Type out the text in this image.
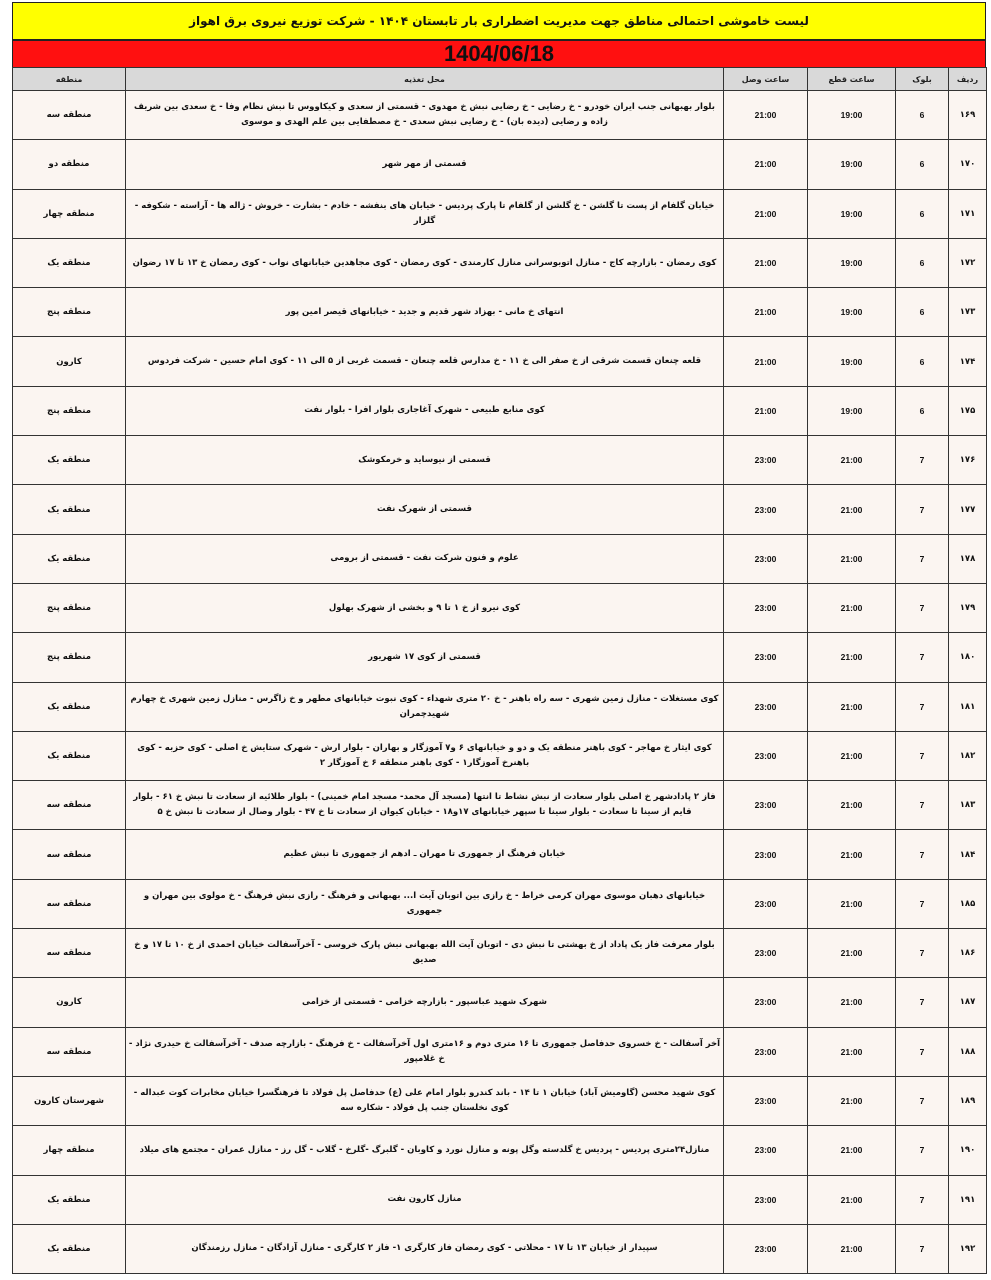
لیست خاموشی احتمالی مناطق جهت مدیریت اضطراری بار تابستان ۱۴۰۴ - شرکت توزیع نیروی برق اهواز
1404/06/18
ردیف	بلوک	ساعت قطع	ساعت وصل	محل تغذیه	منطقه
۱۶۹	6	19:00	21:00	بلوار بهبهانی جنب ایران خودرو - خ رضایی - خ رضایی نبش خ مهدوی - قسمتی از سعدی و کیکاووس تا نبش نظام وفا - خ سعدی بین شریف زاده و رضایی (دیده بان) - خ رضایی نبش سعدی - خ مصطفایی بین علم الهدی و موسوی	منطقه سه
۱۷۰	6	19:00	21:00	قسمتی از مهر شهر	منطقه دو
۱۷۱	6	19:00	21:00	خیابان گلفام از پست تا گلشن - خ گلشن از گلفام تا پارک پردیس - خیابان های بنفشه - خادم - بشارت - خروش - ژاله ها - آراسته - شکوفه - گلزار	منطقه چهار
۱۷۲	6	19:00	21:00	کوی رمضان - بازارچه کاج - منازل اتوبوسرانی منازل کارمندی - کوی رمضان - کوی مجاهدین خیابانهای نواب - کوی رمضان خ ۱۳ تا ۱۷ رضوان	منطقه یک
۱۷۳	6	19:00	21:00	انتهای خ مانی - بهزاد شهر قدیم و جدید - خیابانهای قیصر امین پور	منطقه پنج
۱۷۴	6	19:00	21:00	قلعه چنعان قسمت شرقی از خ صفر الی خ ۱۱ - خ مدارس قلعه چنعان - قسمت غربی از ۵ الی ۱۱ - کوی امام حسین - شرکت فردوس	کارون
۱۷۵	6	19:00	21:00	کوی منابع طبیعی - شهرک آغاجاری بلوار افرا - بلوار نفت	منطقه پنج
۱۷۶	7	21:00	23:00	قسمتی از نیوساید و خرمکوشک	منطقه یک
۱۷۷	7	21:00	23:00	قسمتی از شهرک نفت	منطقه یک
۱۷۸	7	21:00	23:00	علوم و فنون شرکت نفت - قسمتی از برومی	منطقه یک
۱۷۹	7	21:00	23:00	کوی نیرو از خ ۱ تا ۹ و بخشی از شهرک بهلول	منطقه پنج
۱۸۰	7	21:00	23:00	قسمتی از کوی ۱۷ شهریور	منطقه پنج
۱۸۱	7	21:00	23:00	کوی مستغلات - منازل زمین شهری - سه راه باهنر - خ ۲۰ متری شهداء - کوی نبوت خیابانهای مطهر و خ زاگرس - منازل زمین شهری خ چهارم شهیدچمران	منطقه یک
۱۸۲	7	21:00	23:00	کوی ایثار خ مهاجر - کوی باهنر منطقه یک و دو و خیابانهای ۶ و۷ آموزگار و بهاران - بلوار ارش - شهرک ستایش خ اصلی - کوی حزبه - کوی باهنرخ آموزگار۱ - کوی باهنر منطقه ۶ خ آموزگار ۲	منطقه یک
۱۸۳	7	21:00	23:00	فاز ۲ پادادشهر خ اصلی بلوار سعادت از نبش نشاط تا انتها (مسجد آل محمد- مسجد امام خمینی) - بلوار طلائیه از سعادت تا نبش خ ۶۱ - بلوار قایم از سینا تا سعادت - بلوار سینا تا سپهر خیابانهای ۱۷و۱۸ - خیابان کیوان از سعادت تا خ ۴۷ - بلوار وصال از سعادت تا نبش خ ۵	منطقه سه
۱۸۴	7	21:00	23:00	خیابان فرهنگ از جمهوری تا مهران ـ ادهم از جمهوری تا نبش عظیم	منطقه سه
۱۸۵	7	21:00	23:00	خیابانهای دهبان موسوی مهران کرمی خراط - خ رازی بین اتوبان آیت ا... بهبهانی و فرهنگ - رازی نبش فرهنگ - خ مولوی بین مهران و جمهوری	منطقه سه
۱۸۶	7	21:00	23:00	بلوار معرفت فاز یک پاداد از خ بهشتی تا نبش دی - اتوبان آیت الله بهبهانی نبش پارک خروسی - آخرآسفالت خیابان احمدی از خ ۱۰ تا ۱۷ و خ صدیق	منطقه سه
۱۸۷	7	21:00	23:00	شهرک شهید عباسپور - بازارچه خزامی - قسمتی از خزامی	کارون
۱۸۸	7	21:00	23:00	آخر آسفالت - خ خسروی حدفاصل جمهوری تا ۱۶ متری دوم و ۱۶متری اول آخرآسفالت - خ فرهنگ - بازارچه صدف - آخرآسفالت خ حیدری نژاد - خ غلامپور	منطقه سه
۱۸۹	7	21:00	23:00	کوی شهید محسن (گاومیش آباد) خیابان ۱ تا ۱۴ - باند کندرو بلوار امام علی (ع) حدفاصل پل فولاد تا فرهنگسرا خیابان مخابرات کوت عبداله - کوی نخلستان جنب پل فولاد - شکاره سه	شهرستان کارون
۱۹۰	7	21:00	23:00	منازل۲۴متری پردیس - پردیس خ گلدسته وگل پونه و منازل نورد و کاوبان - گلبرگ -گلرخ - گلاب - گل رز - منازل عمران - مجتمع های میلاد	منطقه چهار
۱۹۱	7	21:00	23:00	منازل کارون نفت	منطقه یک
۱۹۲	7	21:00	23:00	سپیدار از خیابان ۱۳ تا ۱۷ - محلاتی - کوی رمضان فاز کارگری ۱- فاز ۲ کارگری - منازل آزادگان - منازل رزمندگان	منطقه یک
